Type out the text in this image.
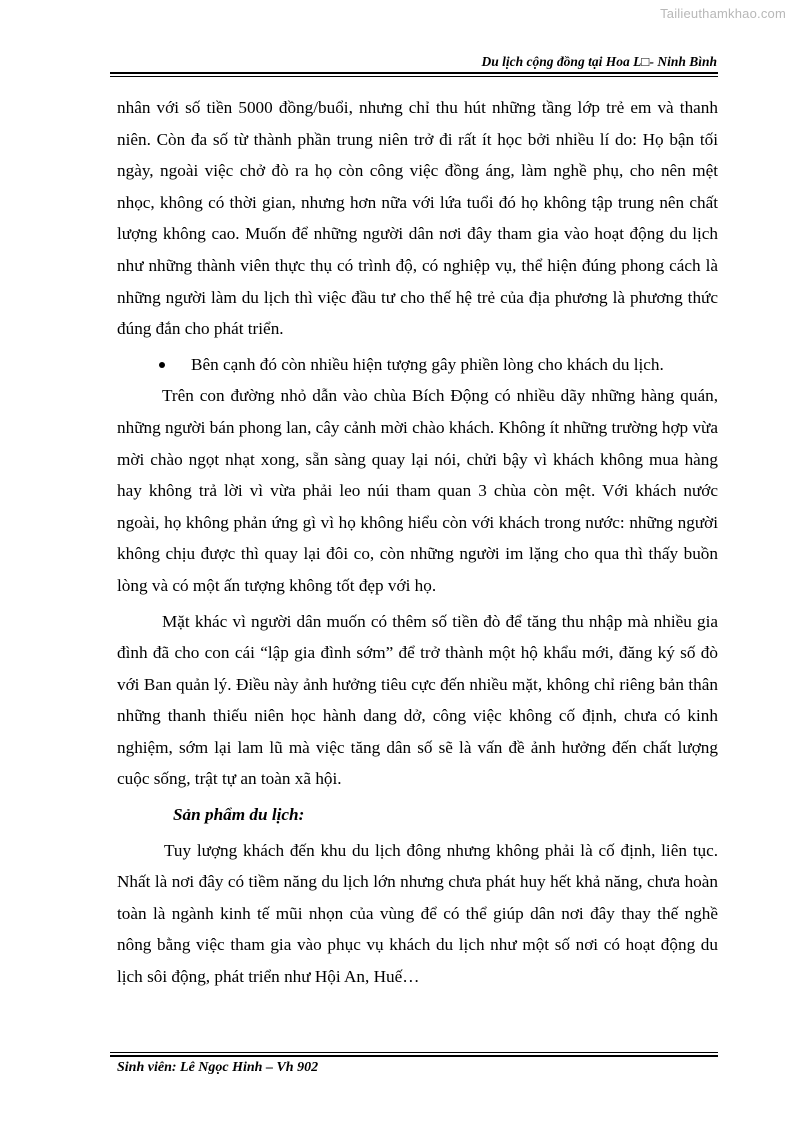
Tailieuthamkhao.com
Du lịch cộng đồng tại Hoa L□- Ninh Bình

nhân với số tiền 5000 đồng/buổi, nhưng chỉ thu hút những tầng lớp trẻ em và thanh niên. Còn đa số từ thành phần trung niên trở đi rất ít học bởi nhiều lí do: Họ bận tối ngày, ngoài việc chở đò ra họ còn công việc đồng áng, làm nghề phụ, cho nên mệt nhọc, không có thời gian, nhưng hơn nữa với lứa tuổi đó họ không tập trung nên chất lượng không cao. Muốn để những người dân nơi đây tham gia vào hoạt động du lịch như những thành viên thực thụ có trình độ, có nghiệp vụ, thể hiện đúng phong cách là những người làm du lịch thì việc đầu tư cho thế hệ trẻ của địa phương là phương thức đúng đắn cho phát triển.

Bên cạnh đó còn nhiều hiện tượng gây phiền lòng cho khách du lịch.

Trên con đường nhỏ dẫn vào chùa Bích Động có nhiều dãy những hàng quán, những người bán phong lan, cây cảnh mời chào khách. Không ít những trường hợp vừa mời chào ngọt nhạt xong, sẵn sàng quay lại nói, chửi bậy vì khách không mua hàng hay không trả lời vì vừa phải leo núi tham quan 3 chùa còn mệt. Với khách nước ngoài, họ không phản ứng gì vì họ không hiểu còn với khách trong nước: những người không chịu được thì quay lại đôi co, còn những người im lặng cho qua thì thấy buồn lòng và có một ấn tượng không tốt đẹp với họ.

Mặt khác vì người dân muốn có thêm số tiền đò để tăng thu nhập mà nhiều gia đình đã cho con cái “lập gia đình sớm” để trở thành một hộ khẩu mới, đăng ký số đò với Ban quản lý. Điều này ảnh hưởng tiêu cực đến nhiều mặt, không chỉ riêng bản thân những thanh thiếu niên học hành dang dở, công việc không cố định, chưa có kinh nghiệm, sớm lại lam lũ mà việc tăng dân số sẽ là vấn đề ảnh hưởng đến chất lượng cuộc sống, trật tự an toàn xã hội.

Sản phẩm du lịch:

Tuy lượng khách đến khu du lịch đông nhưng không phải là cố định, liên tục. Nhất là nơi đây có tiềm năng du lịch lớn nhưng chưa phát huy hết khả năng, chưa hoàn toàn là ngành kinh tế mũi nhọn của vùng để có thể giúp dân nơi đây thay thế nghề nông bằng việc tham gia vào phục vụ khách du lịch như một số nơi có hoạt động du lịch sôi động, phát triển như Hội An, Huế…

Sinh viên: Lê Ngọc Hinh – Vh 902
